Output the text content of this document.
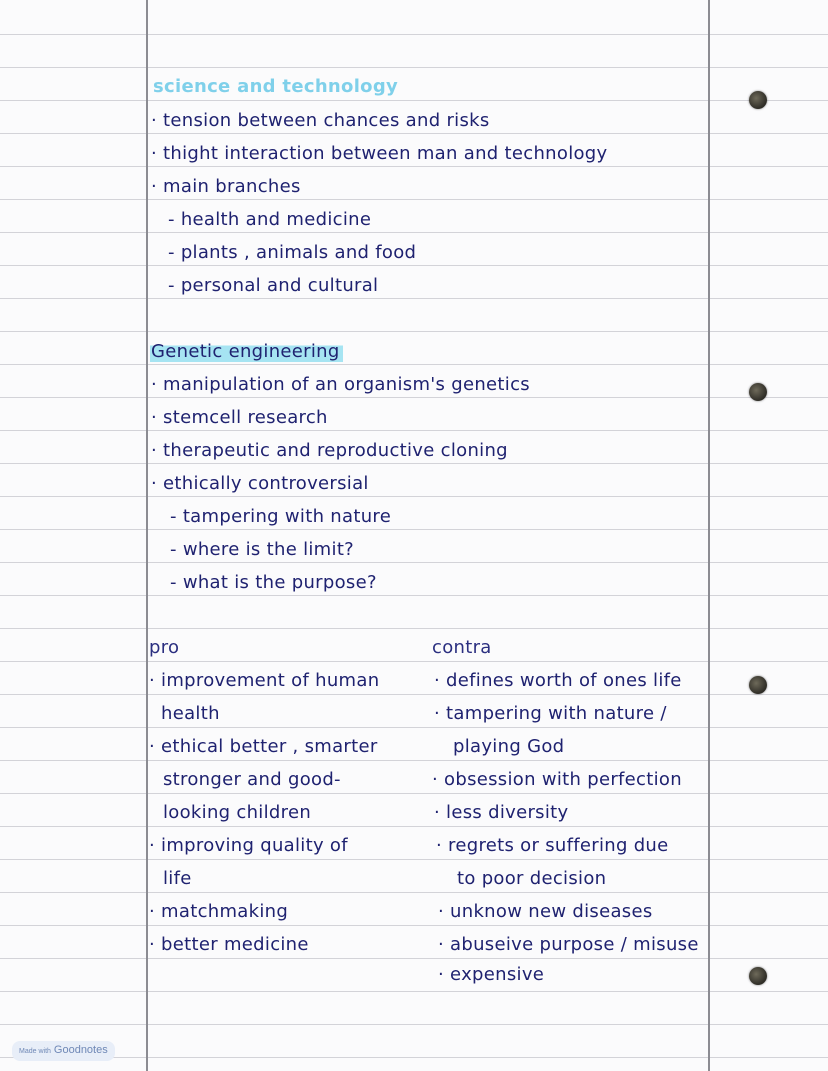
science and technology
· tension between chances and risks
· thight interaction between man and technology
· main branches
- health and medicine
- plants , animals and food
- personal and cultural
Genetic engineering
· manipulation of an organism's genetics
· stemcell research
· therapeutic and reproductive cloning
· ethically controversial
- tampering with nature
- where is the limit?
- what is the purpose?
pro
· improvement of human
health
· ethical better , smarter
stronger and good-
looking children
· improving quality of
life
· matchmaking
· better medicine
contra
· defines worth of ones life
· tampering with nature /
playing God
· obsession with perfection
· less diversity
· regrets or suffering due
to poor decision
· unknow new diseases
· abuseive purpose / misuse
· expensive
Made with Goodnotes
